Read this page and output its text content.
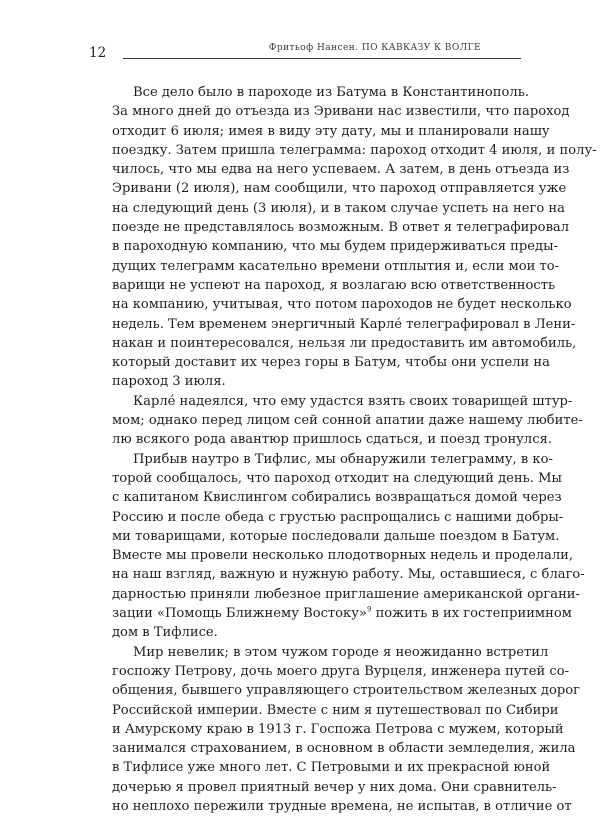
12	Фритьоф Нансен. ПО КАВКАЗУ К ВОЛГЕ
Все дело было в пароходе из Батума в Константинополь.
За много дней до отъезда из Эривани нас известили, что пароход
отходит 6 июля; имея в виду эту дату, мы и планировали нашу
поездку. Затем пришла телеграмма: пароход отходит 4 июля, и полу-
чилось, что мы едва на него успеваем. А затем, в день отъезда из
Эривани (2 июля), нам сообщили, что пароход отправляется уже
на следующий день (3 июля), и в таком случае успеть на него на
поезде не представлялось возможным. В ответ я телеграфировал
в пароходную компанию, что мы будем придерживаться преды-
дущих телеграмм касательно времени отплытия и, если мои то-
варищи не успеют на пароход, я возлагаю всю ответственность
на компанию, учитывая, что потом пароходов не будет несколько
недель. Тем временем энергичный Карле́ телеграфировал в Лени-
накан и поинтересовался, нельзя ли предоставить им автомобиль,
который доставит их через горы в Батум, чтобы они успели на
пароход 3 июля.
Карле́ надеялся, что ему удастся взять своих товарищей штур-
мом; однако перед лицом сей сонной апатии даже нашему любите-
лю всякого рода авантюр пришлось сдаться, и поезд тронулся.
Прибыв наутро в Тифлис, мы обнаружили телеграмму, в ко-
торой сообщалось, что пароход отходит на следующий день. Мы
с капитаном Квислингом собирались возвращаться домой через
Россию и после обеда с грустью распрощались с нашими добры-
ми товарищами, которые последовали дальше поездом в Батум.
Вместе мы провели несколько плодотворных недель и проделали,
на наш взгляд, важную и нужную работу. Мы, оставшиеся, с благо-
дарностью приняли любезное приглашение американской органи-
зации «Помощь Ближнему Востоку»$^9$ пожить в их гостеприимном
дом в Тифлисе.
Мир невелик; в этом чужом городе я неожиданно встретил
госпожу Петрову, дочь моего друга Вурцеля, инженера путей со-
общения, бывшего управляющего строительством железных дорог
Российской империи. Вместе с ним я путешествовал по Сибири
и Амурскому краю в 1913 г. Госпожа Петрова с мужем, который
занимался страхованием, в основном в области земледелия, жила
в Тифлисе уже много лет. С Петровыми и их прекрасной юной
дочерью я провел приятный вечер у них дома. Они сравнитель-
но неплохо пережили трудные времена, не испытав, в отличие от
